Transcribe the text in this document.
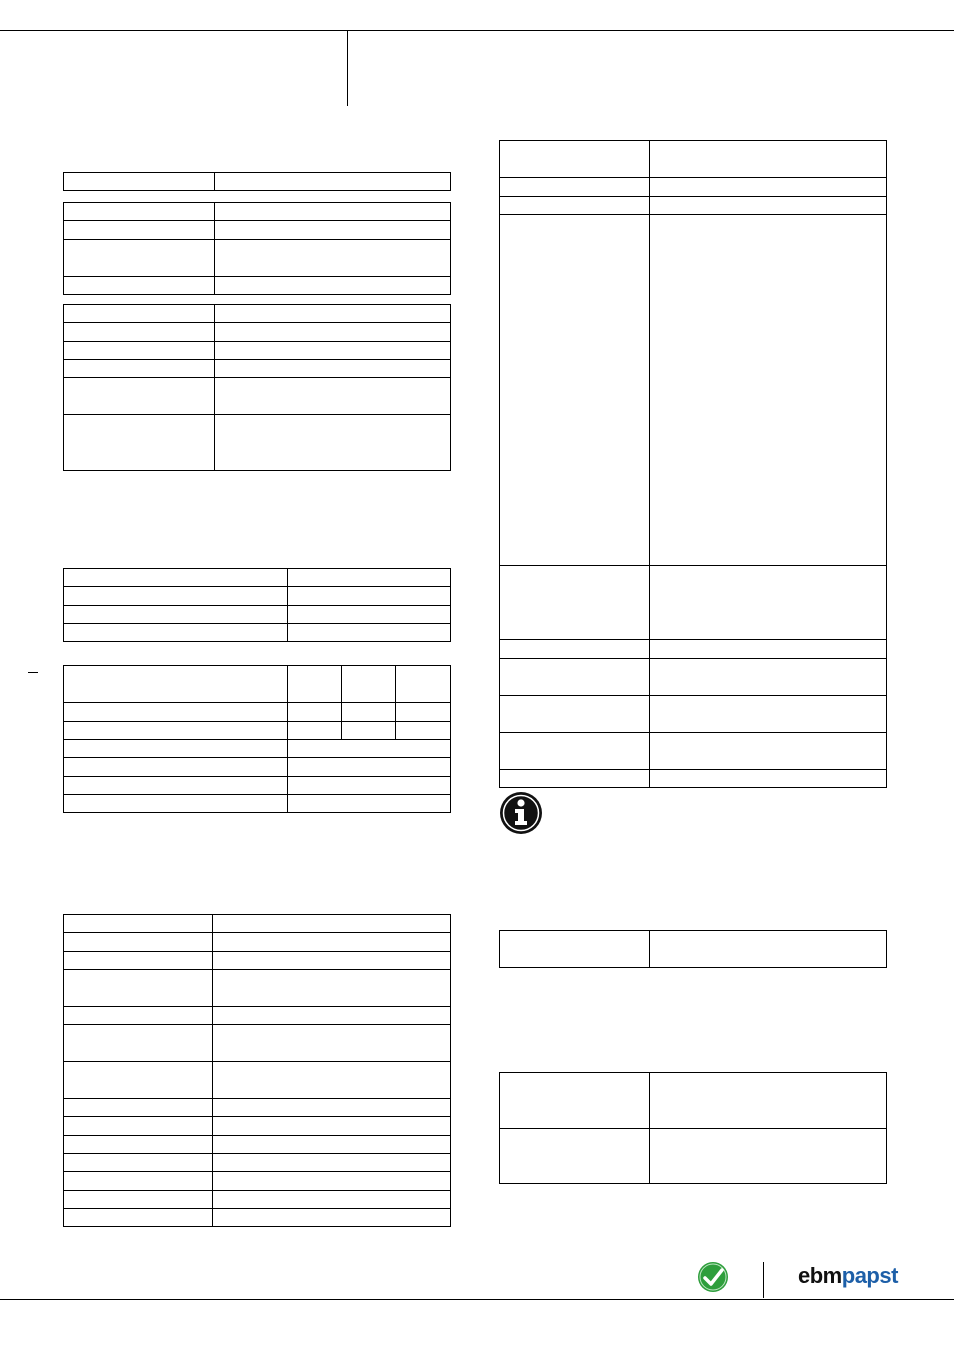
ebmpapst
